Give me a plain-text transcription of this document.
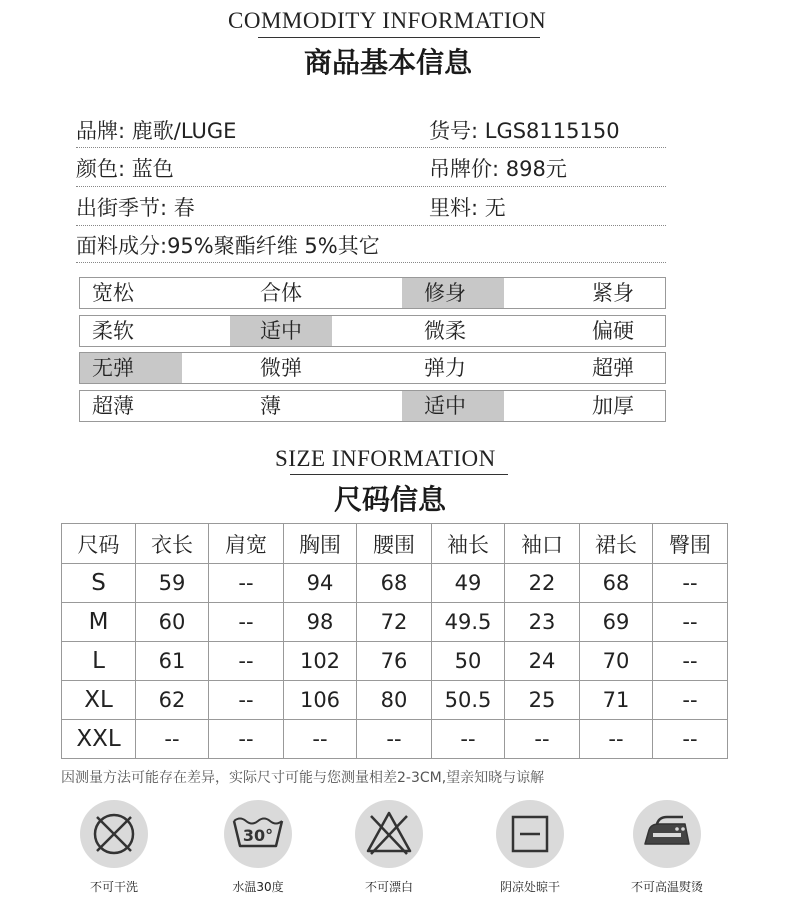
COMMODITY INFORMATION
商品基本信息
品牌: 鹿歌/LUGE	货号: LGS8115150
颜色: 蓝色	吊牌价: 898元
出街季节: 春	里料: 无
面料成分:95%聚酯纤维 5%其它
宽松	合体	修身	紧身
柔软	适中	微柔	偏硬
无弹	微弹	弹力	超弹
超薄	薄	适中	加厚
SIZE INFORMATION
尺码信息
尺码	衣长	肩宽	胸围	腰围	袖长	袖口	裙长	臀围
S	59	--	94	68	49	22	68	--
M	60	--	98	72	49.5	23	69	--
L	61	--	102	76	50	24	70	--
XL	62	--	106	80	50.5	25	71	--
XXL	--	--	--	--	--	--	--	--
因测量方法可能存在差异，实际尺寸可能与您测量相差2-3CM,望亲知晓与谅解
不可干洗
30°
水温30度	不可漂白	阴凉处晾干	不可高温熨烫
